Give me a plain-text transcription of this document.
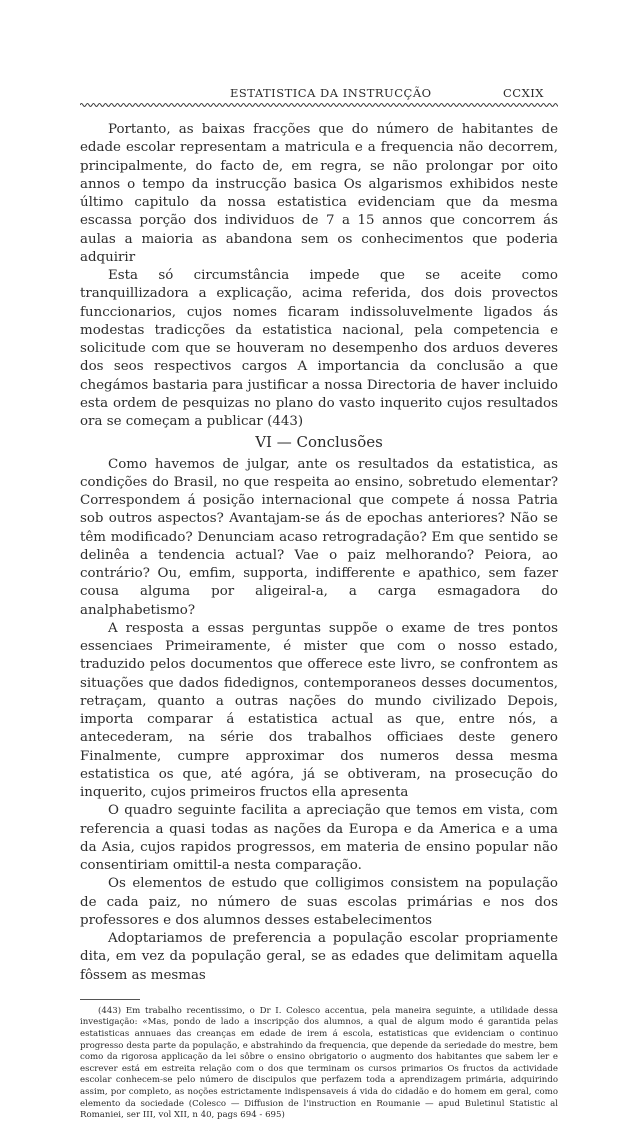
ESTATISTICA DA INSTRUCÇÃO	CCXIX

Portanto, as baixas fracções que do número de habitantes de edade escolar representam a matricula e a frequencia não decorrem, principalmente, do facto de, em regra, se não prolongar por oito annos o tempo da instrucção basica Os algarismos exhibidos neste último capitulo da nossa estatistica evidenciam que da mesma escassa porção dos individuos de 7 a 15 annos que concorrem ás aulas a maioria as abandona sem os conhecimentos que poderia adquirir

Esta só circumstância impede que se aceite como tranquillizadora a explicação, acima referida, dos dois provectos funccionarios, cujos nomes ficaram indissoluvelmente ligados ás modestas tradicções da estatistica nacional, pela competencia e solicitude com que se houveram no desempenho dos arduos deveres dos seos respectivos cargos A importancia da conclusão a que chegámos bastaria para justificar a nossa Directoria de haver incluido esta ordem de pesquizas no plano do vasto inquerito cujos resultados ora se começam a publicar (443)

VI — Conclusões

Como havemos de julgar, ante os resultados da estatistica, as condições do Brasil, no que respeita ao ensino, sobretudo elementar? Correspondem á posição internacional que compete á nossa Patria sob outros aspectos? Avantajam-se ás de epochas anteriores? Não se têm modificado? Denunciam acaso retrogradação? Em que sentido se delinêa a tendencia actual? Vae o paiz melhorando? Peiora, ao contrário? Ou, emfim, supporta, indifferente e apathico, sem fazer cousa alguma por aligeiral-a, a carga esmagadora do analphabetismo?

A resposta a essas perguntas suppõe o exame de tres pontos essenciaes Primeiramente, é mister que com o nosso estado, traduzido pelos documentos que offerece este livro, se confrontem as situações que dados fidedignos, contemporaneos desses documentos, retraçam, quanto a outras nações do mundo civilizado Depois, importa comparar á estatistica actual as que, entre nós, a antecederam, na série dos trabalhos officiaes deste genero Finalmente, cumpre approximar dos numeros dessa mesma estatistica os que, até agóra, já se obtiveram, na prosecução do inquerito, cujos primeiros fructos ella apresenta

O quadro seguinte facilita a apreciação que temos em vista, com referencia a quasi todas as nações da Europa e da America e a uma da Asia, cujos rapidos progressos, em materia de ensino popular não consentiriam omittil-a nesta comparação.

Os elementos de estudo que colligimos consistem na população de cada paiz, no número de suas escolas primárias e nos dos professores e dos alumnos desses estabelecimentos

Adoptariamos de preferencia a população escolar propriamente dita, em vez da população geral, se as edades que delimitam aquella fôssem as mesmas

(443) Em trabalho recentissimo, o Dr I. Colesco accentua, pela maneira seguinte, a utilidade dessa investigação: «Mas, pondo de lado a inscripção dos alumnos, a qual de algum modo é garantida pelas estatisticas annuaes das creanças em edade de irem á escola, estatisticas que evidenciam o continuo progresso desta parte da população, e abstrahindo da frequencia, que depende da seriedade do mestre, bem como da rigorosa applicação da lei sôbre o ensino obrigatorio o augmento dos habitantes que sabem ler e escrever está em estreita relação com o dos que terminam os cursos primarios Os fructos da actividade escolar conhecem-se pelo número de discipulos que perfazem toda a aprendizagem primária, adquirindo assim, por completo, as noções estrictamente indispensaveis á vida do cidadão e do homem em geral, como elemento da sociedade (Colesco — Diffusion de l'instruction en Roumanie — apud Buletinul Statistic al Romaniei, ser III, vol XII, n 40, pags 694 - 695)
